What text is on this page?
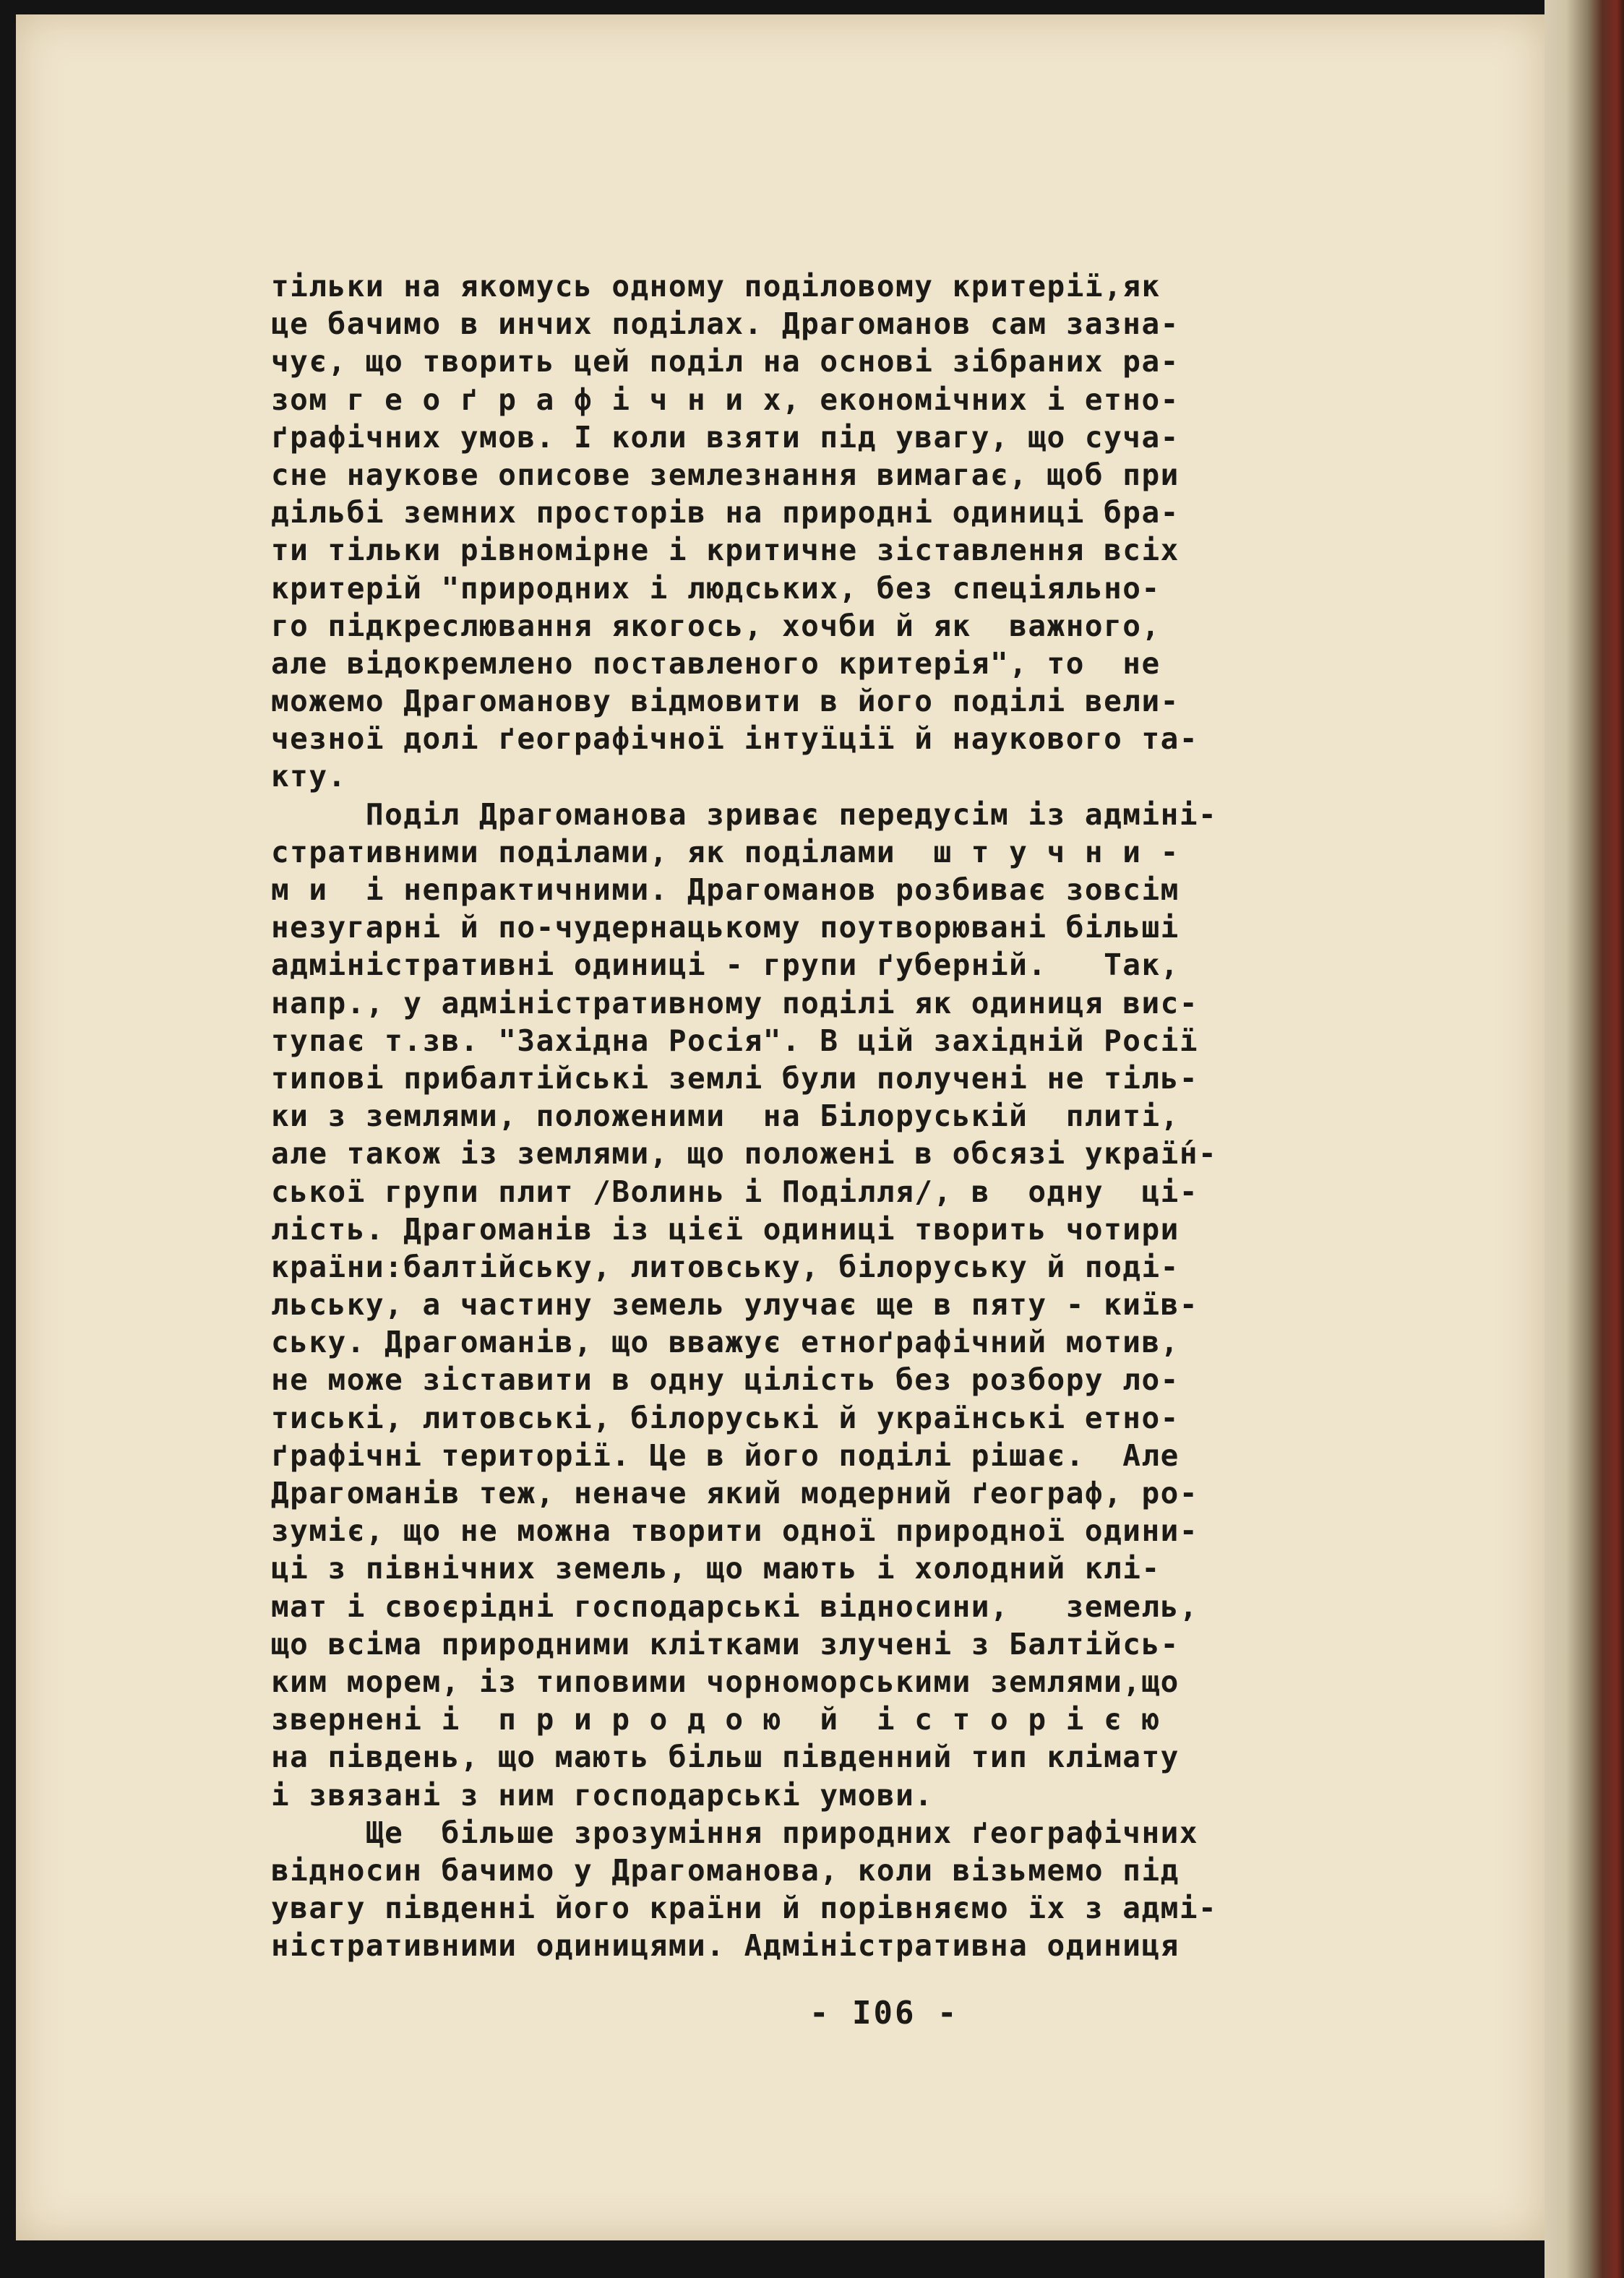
тільки на якомусь одному поділовому критерії,як
це бачимо в инчих поділах. Драгоманов сам зазна-
чує, що творить цей поділ на основі зібраних ра-
зом г е о ґ р а ф і ч н и х, економічних і етно-
ґрафічних умов. І коли взяти під увагу, що суча-
сне наукове описове землезнання вимагає, щоб при
дільбі земних просторів на природні одиниці бра-
ти тільки рівномірне і критичне зіставлення всіх
критерій "природних і людських, без спеціяльно-
го підкреслювання якогось, хочби й як  важного,
але відокремлено поставленого критерія", то  не
можемо Драгоманову відмовити в його поділі вели-
чезної долі ґеографічної інтуїції й наукового та-
кту.
Поділ Драгоманова зриває передусім із адміні-
стративними поділами, як поділами  ш т у ч н и -
м и  і непрактичними. Драгоманов розбиває зовсім
незугарні й по-чудернацькому поутворювані більші
адміністративні одиниці - групи ґуберній.   Так,
напр., у адміністративному поділі як одиниця вис-
тупає т.зв. "Західна Росія". В цій західній Росії
типові прибалтійські землі були получені не тіль-
ки з землями, положеними  на Білоруській  плиті,
але також із землями, що положені в обсязі украї́н-
ської групи плит /Волинь і Поділля/, в  одну  ці-
лість. Драгоманів із цієї одиниці творить чотири
країни:балтійську, литовську, білоруську й поді-
льську, а частину земель улучає ще в пяту - київ-
ську. Драгоманів, що вважує етноґрафічний мотив,
не може зіставити в одну цілість без розбору ло-
тиські, литовські, білоруські й українські етно-
ґрафічні території. Це в його поділі рішає.  Але
Драгоманів теж, неначе який модерний ґеограф, ро-
зуміє, що не можна творити одної природної одини-
ці з північних земель, що мають і холодний клі-
мат і своєрідні господарські відносини,   земель,
що всіма природними клітками злучені з Балтійсь-
ким морем, із типовими чорноморськими землями,що
звернені і  п р и р о д о ю  й  і с т о р і є ю
на південь, що мають більш південний тип клімату
і звязані з ним господарські умови.
Ще  більше зрозуміння природних ґеографічних
відносин бачимо у Драгоманова, коли візьмемо під
увагу південні його країни й порівняємо їх з адмі-
ністративними одиницями. Адміністративна одиниця
- I06 -
